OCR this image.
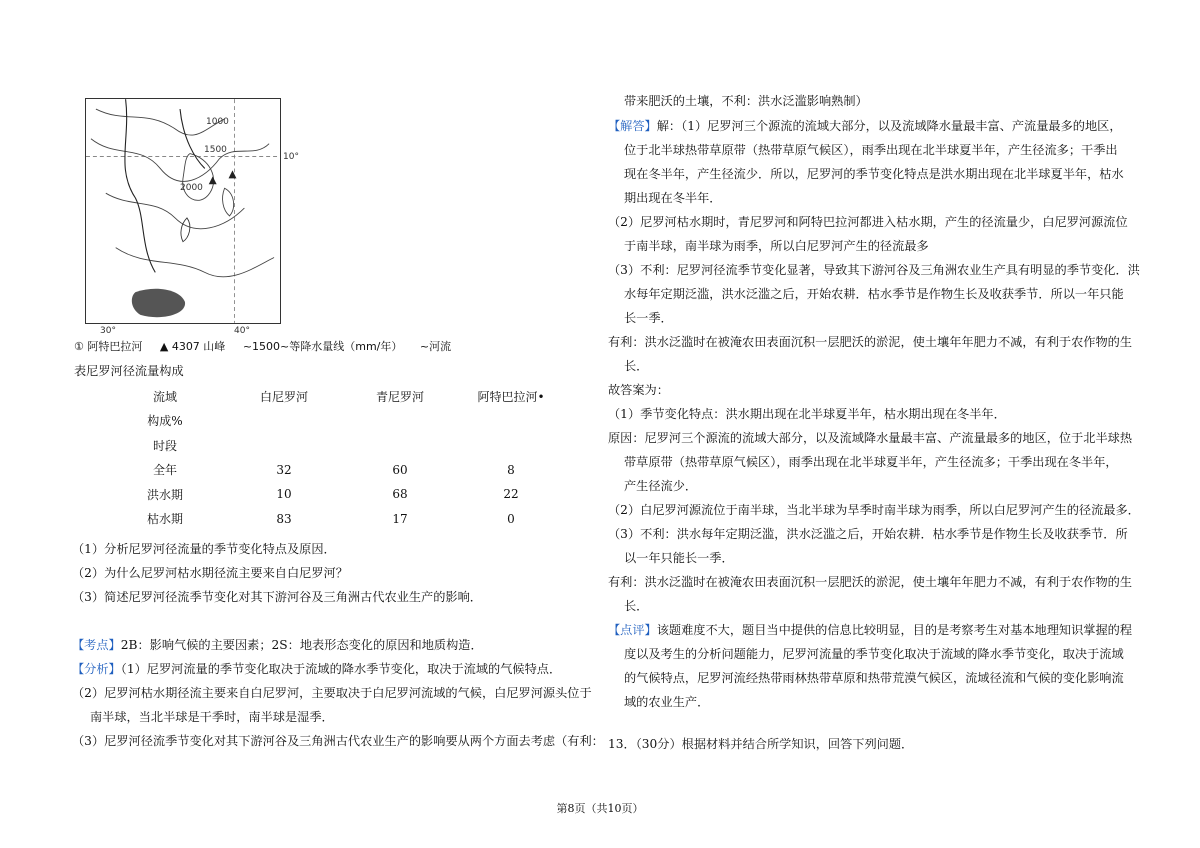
1000
1500
2000
30°	40°
10°
① 阿特巴拉河 ▲ 4307 山峰 ~1500~等降水量线（mm/年） ~河流
表尼罗河径流量构成
流域	白尼罗河	青尼罗河	阿特巴拉河•
构成%			
时段			
全年	32	60	8
洪水期	10	68	22
枯水期	83	17	0
（1）分析尼罗河径流量的季节变化特点及原因．
（2）为什么尼罗河枯水期径流主要来自白尼罗河？
（3）简述尼罗河径流季节变化对其下游河谷及三角洲古代农业生产的影响．
【考点】2B：影响气候的主要因素；2S：地表形态变化的原因和地质构造．
【分析】（1）尼罗河流量的季节变化取决于流域的降水季节变化，取决于流域的气候特点．
（2）尼罗河枯水期径流主要来自白尼罗河，主要取决于白尼罗河流域的气候，白尼罗河源头位于
南半球，当北半球是干季时，南半球是湿季．
（3）尼罗河径流季节变化对其下游河谷及三角洲古代农业生产的影响要从两个方面去考虑（有利：
带来肥沃的土壤，不利：洪水泛滥影响熟制）
【解答】解：（1）尼罗河三个源流的流域大部分，以及流域降水量最丰富、产流量最多的地区，
位于北半球热带草原带（热带草原气候区），雨季出现在北半球夏半年，产生径流多；干季出
现在冬半年，产生径流少．所以，尼罗河的季节变化特点是洪水期出现在北半球夏半年，枯水
期出现在冬半年．
（2）尼罗河枯水期时，青尼罗河和阿特巴拉河都进入枯水期，产生的径流量少，白尼罗河源流位
于南半球，南半球为雨季，所以白尼罗河产生的径流最多
（3）不利：尼罗河径流季节变化显著，导致其下游河谷及三角洲农业生产具有明显的季节变化．洪
水每年定期泛滥，洪水泛滥之后，开始农耕．枯水季节是作物生长及收获季节．所以一年只能
长一季．
有利：洪水泛滥时在被淹农田表面沉积一层肥沃的淤泥，使土壤年年肥力不减，有利于农作物的生
长．
故答案为：
（1）季节变化特点：洪水期出现在北半球夏半年，枯水期出现在冬半年．
原因：尼罗河三个源流的流域大部分，以及流域降水量最丰富、产流量最多的地区，位于北半球热
带草原带（热带草原气候区），雨季出现在北半球夏半年，产生径流多；干季出现在冬半年，
产生径流少．
（2）白尼罗河源流位于南半球，当北半球为旱季时南半球为雨季，所以白尼罗河产生的径流最多．
（3）不利：洪水每年定期泛滥，洪水泛滥之后，开始农耕．枯水季节是作物生长及收获季节．所
以一年只能长一季．
有利：洪水泛滥时在被淹农田表面沉积一层肥沃的淤泥，使土壤年年肥力不减，有利于农作物的生
长．
【点评】该题难度不大，题目当中提供的信息比较明显，目的是考察考生对基本地理知识掌握的程
度以及考生的分析问题能力，尼罗河流量的季节变化取决于流域的降水季节变化，取决于流域
的气候特点，尼罗河流经热带雨林热带草原和热带荒漠气候区，流域径流和气候的变化影响流
域的农业生产．
13．（30分）根据材料并结合所学知识，回答下列问题．
第8页（共10页）
